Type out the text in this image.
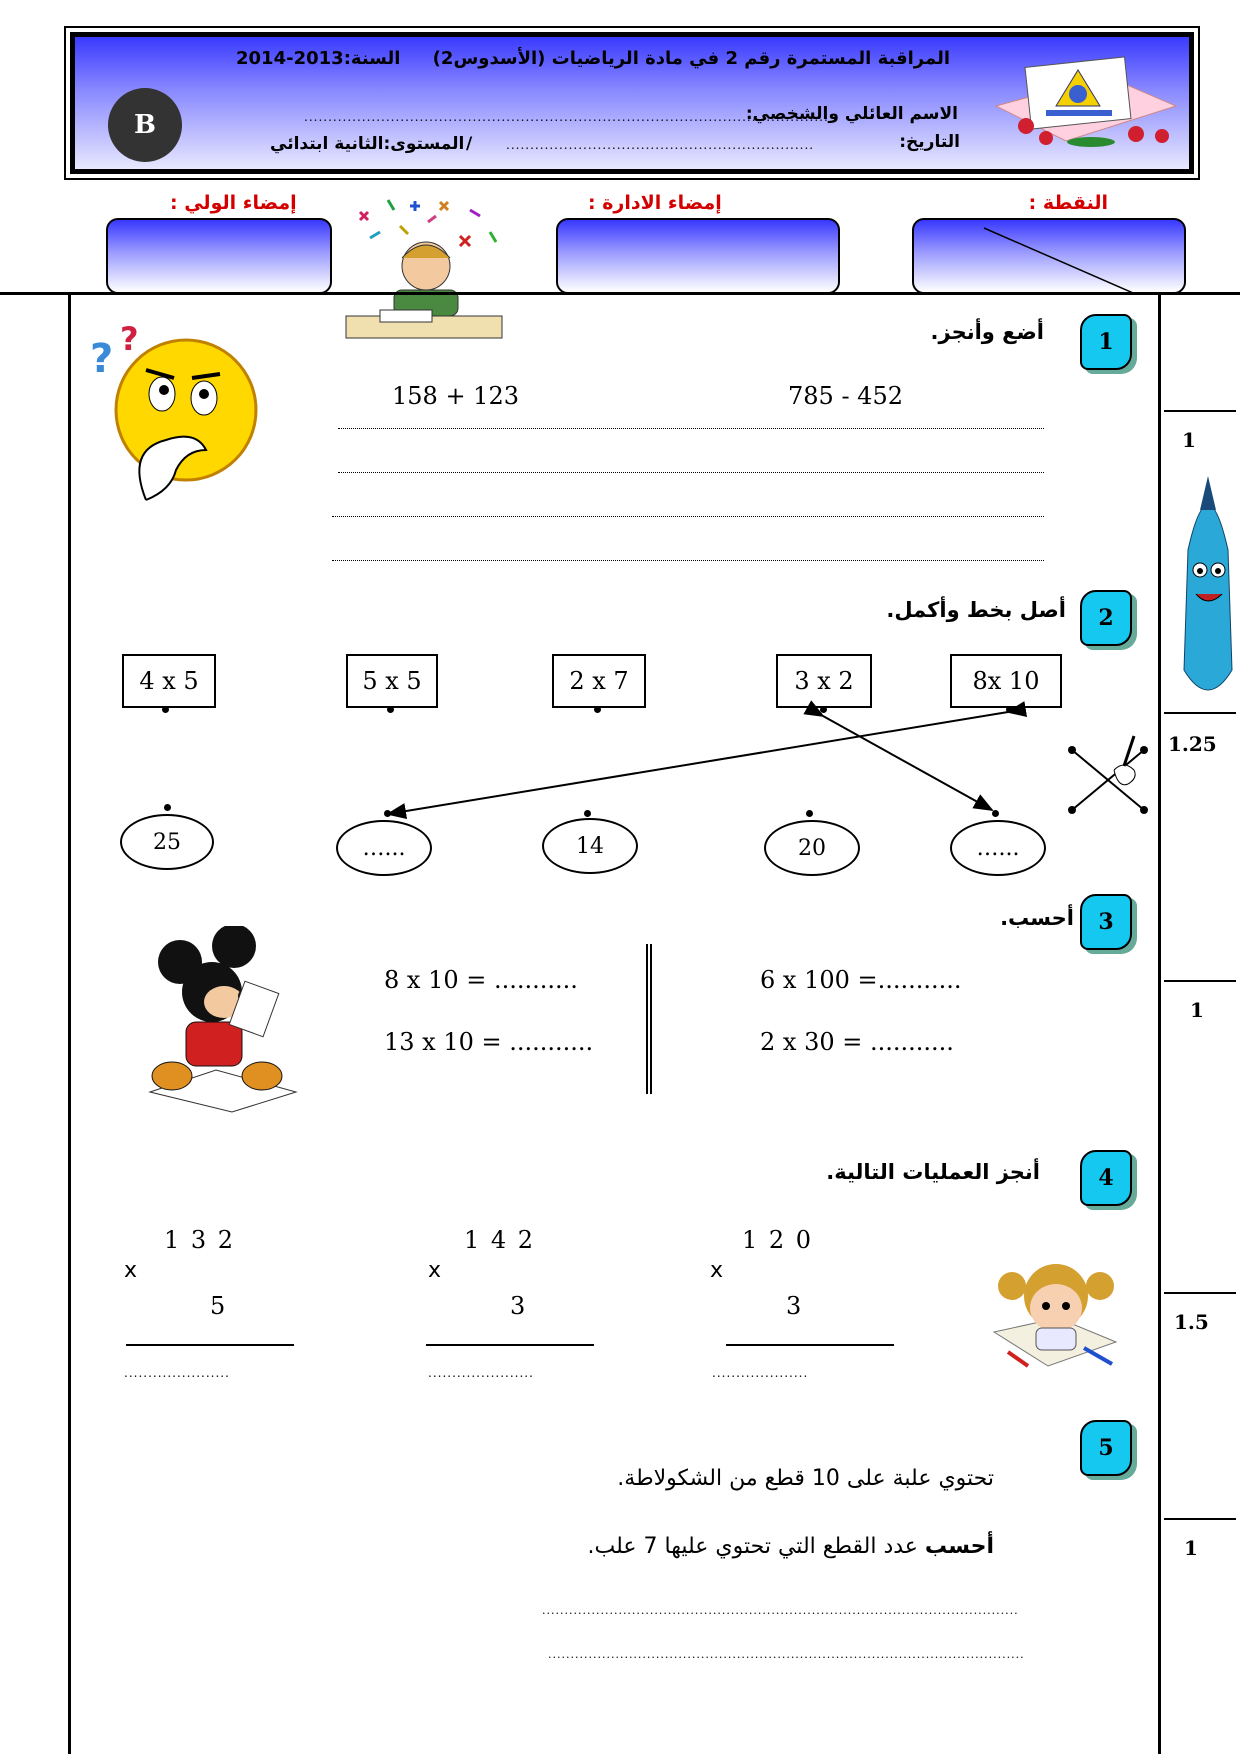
المراقبة المستمرة رقم 2 في مادة الرياضيات (الأسدوس2)
السنة:2013-2014
الاسم العائلي والشخصي:
.............................................................................................................
التاريخ:
................................................................
/
المستوى:الثانية ابتدائي
B
النقطة :
إمضاء الادارة :
إمضاء الولي :
1
1.25
1
1.5
1
1
أضع وأنجز.
? ?
785 - 452
158 + 123
2
أصل بخط وأكمل.
8x 10
3 x 2
2 x 7
5 x 5
4 x 5
…...
20
14
…...
25
3
أحسب.
6 x 100 =...........
2 x 30 = ...........
8 x 10 = ...........
13 x 10 = ...........
4
أنجز العمليات التالية.
1 2 0
x
3
....................
1 4 2
x
3
......................
1 3 2
x
5
......................
5
تحتوي علبة على 10 قطع من الشكولاطة.
أحسب عدد القطع التي تحتوي عليها 7 علب.
..........................................................................................................
..........................................................................................................
